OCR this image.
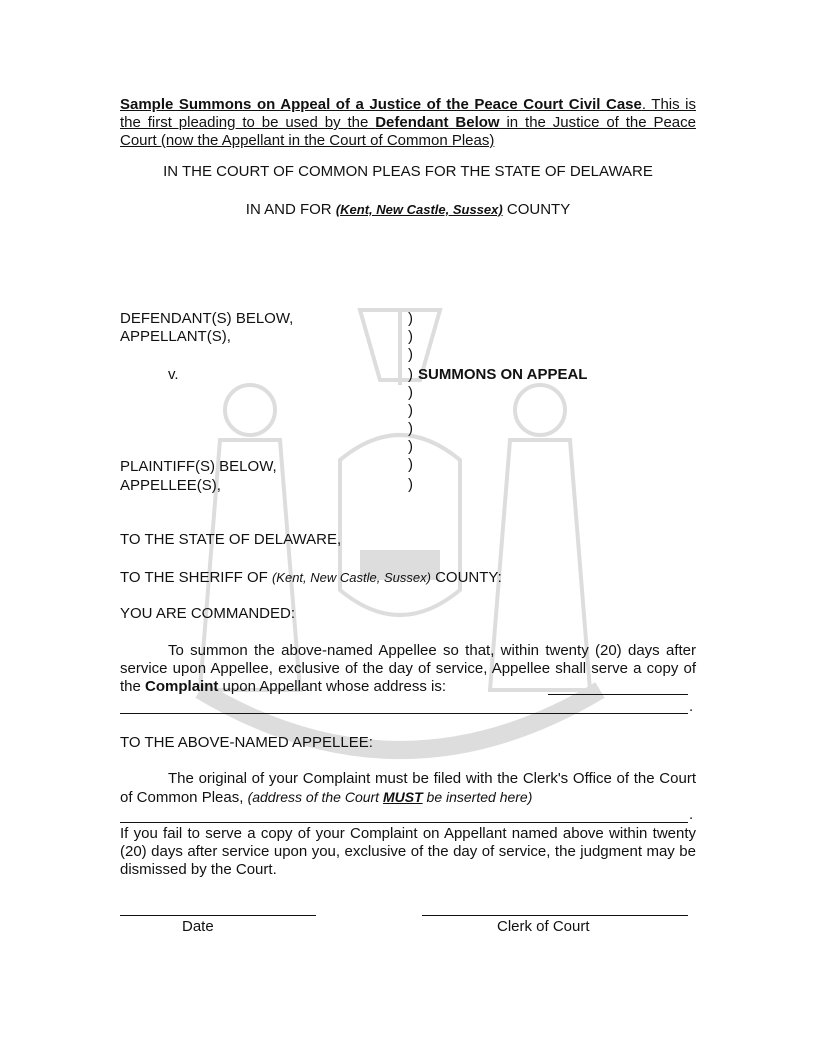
Sample Summons on Appeal of a Justice of the Peace Court Civil Case. This is the first pleading to be used by the Defendant Below in the Justice of the Peace Court (now the Appellant in the Court of Common Pleas)
IN THE COURT OF COMMON PLEAS FOR THE STATE OF DELAWARE
IN AND FOR (Kent, New Castle, Sussex) COUNTY
DEFENDANT(S) BELOW,
APPELLANT(S),
v.
PLAINTIFF(S) BELOW,
APPELLEE(S),
)
)
)
)
)
)
)
)
)
)
SUMMONS ON APPEAL
TO THE STATE OF DELAWARE,
TO THE SHERIFF OF (Kent, New Castle, Sussex) COUNTY:
YOU ARE COMMANDED:
To summon the above-named Appellee so that, within twenty (20) days after service upon Appellee, exclusive of the day of service, Appellee shall serve a copy of the Complaint upon Appellant whose address is:
.
TO THE ABOVE-NAMED APPELLEE:
The original of your Complaint must be filed with the Clerk's Office of the Court of Common Pleas, (address of the Court MUST be inserted here)
.
If you fail to serve a copy of your Complaint on Appellant named above within twenty (20) days after service upon you, exclusive of the day of service, the judgment may be dismissed by the Court.
Date	Clerk of Court
